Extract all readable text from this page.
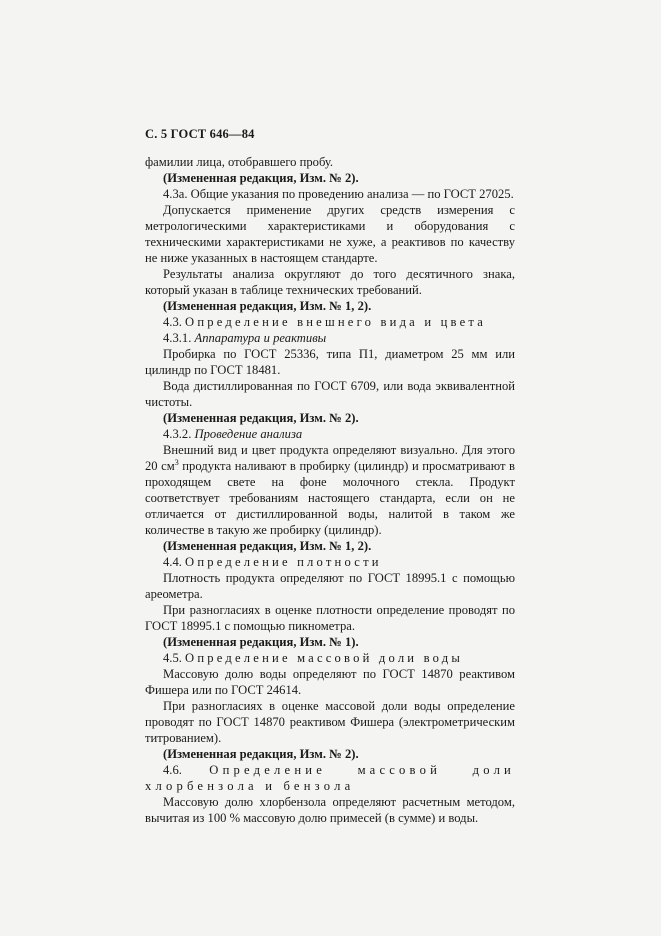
С. 5 ГОСТ 646—84

фамилии лица, отобравшего пробу.

(Измененная редакция, Изм. № 2).

4.3а. Общие указания по проведению анализа — по ГОСТ 27025.

Допускается применение других средств измерения с метрологическими характеристиками и оборудования с техническими характеристиками не хуже, а реактивов по качеству не ниже указанных в настоящем стандарте.

Результаты анализа округляют до того десятичного знака, который указан в таблице технических требований.

(Измененная редакция, Изм. № 1, 2).

4.3. Определение внешнего вида и цвета

4.3.1. Аппаратура и реактивы

Пробирка по ГОСТ 25336, типа П1, диаметром 25 мм или цилиндр по ГОСТ 18481.

Вода дистиллированная по ГОСТ 6709, или вода эквивалентной чистоты.

(Измененная редакция, Изм. № 2).

4.3.2. Проведение анализа

Внешний вид и цвет продукта определяют визуально. Для этого 20 $см^3$ продукта наливают в пробирку (цилиндр) и просматривают в проходящем свете на фоне молочного стекла. Продукт соответствует требованиям настоящего стандарта, если он не отличается от дистиллированной воды, налитой в таком же количестве в такую же пробирку (цилиндр).

(Измененная редакция, Изм. № 1, 2).

4.4. Определение плотности

Плотность продукта определяют по ГОСТ 18995.1 с помощью ареометра.

При разногласиях в оценке плотности определение проводят по ГОСТ 18995.1 с помощью пикнометра.

(Измененная редакция, Изм. № 1).

4.5. Определение массовой доли воды

Массовую долю воды определяют по ГОСТ 14870 реактивом Фишера или по ГОСТ 24614.

При разногласиях в оценке массовой доли воды определение проводят по ГОСТ 14870 реактивом Фишера (электрометрическим титрованием).

(Измененная редакция, Изм. № 2).

4.6. Определение массовой доли хлорбензола и бензола

Массовую долю хлорбензола определяют расчетным методом, вычитая из 100 % массовую долю примесей (в сумме) и воды.
